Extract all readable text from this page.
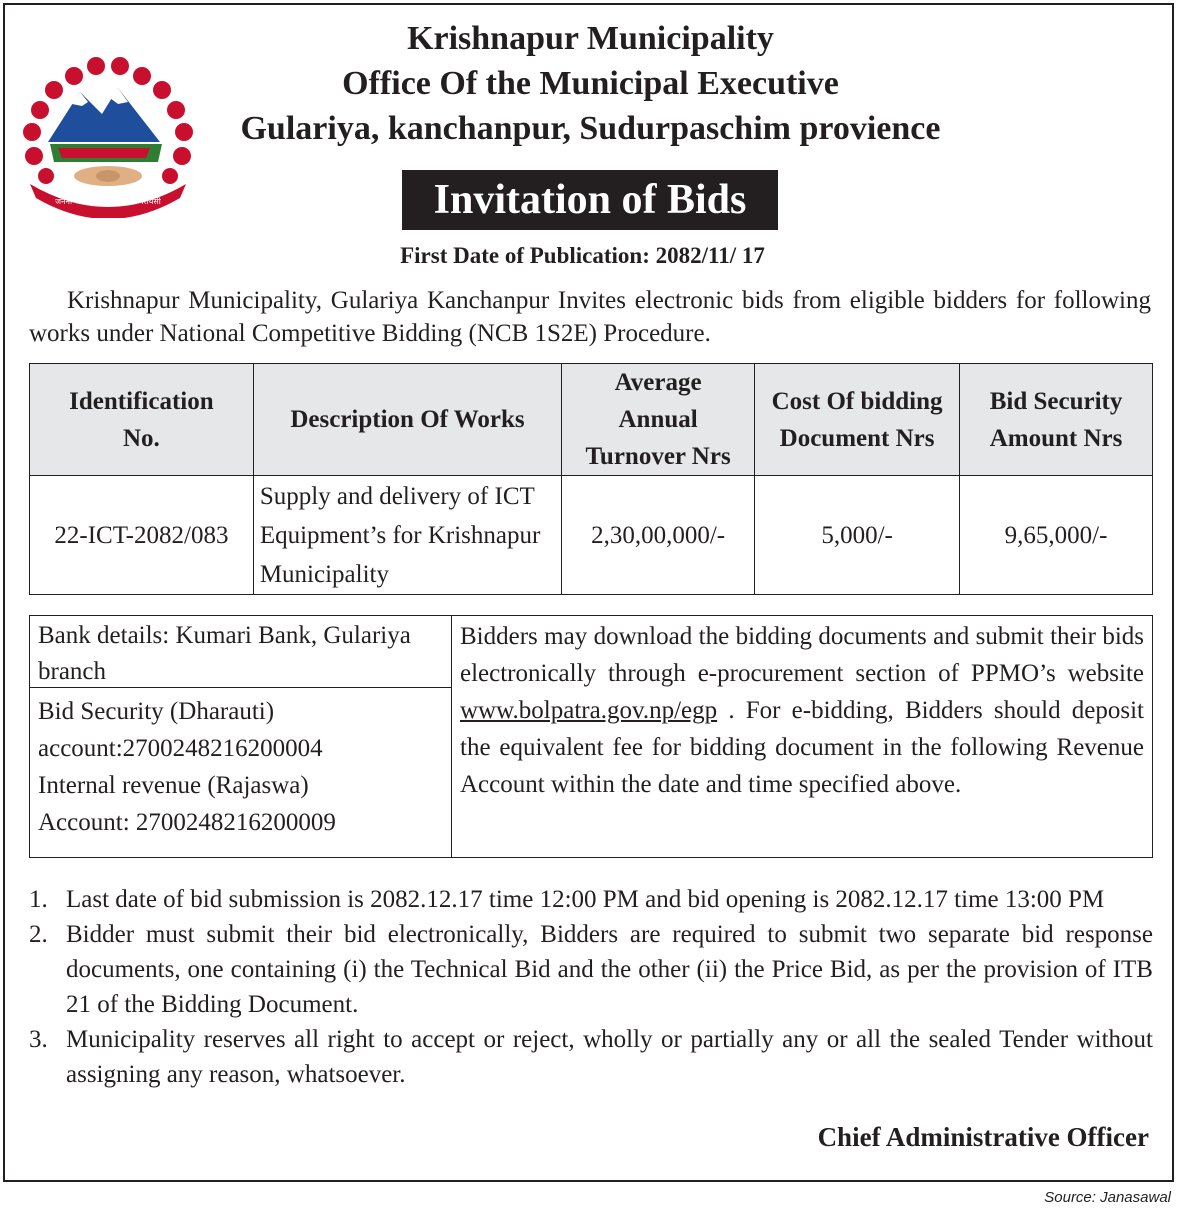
जननी जन्मभूमिश्च स्वर्गादपि गरीयसी
Krishnapur Municipality
Office Of the Municipal Executive
Gulariya, kanchanpur, Sudurpaschim provience
Invitation of Bids
First Date of Publication: 2082/11/ 17

Krishnapur Municipality, Gulariya Kanchanpur Invites electronic bids from eligible bidders for following works under National Competitive Bidding (NCB 1S2E) Procedure.

Identification No.	Description Of Works	Average Annual Turnover Nrs	Cost Of bidding Document Nrs	Bid Security Amount Nrs
22-ICT-2082/083	Supply and delivery of ICT Equipment’s for Krishnapur Municipality	2,30,00,000/-	5,000/-	9,65,000/-
Bank details: Kumari Bank, Gulariya branch
Bid Security (Dharauti)
account:2700248216200004
Internal revenue (Rajaswa)
Account: 2700248216200009
Bidders may download the bidding documents and submit their bids electronically through e-procurement section of PPMO’s website www.bolpatra.gov.np/egp . For e-bidding, Bidders should deposit the equivalent fee for bidding document in the following Revenue Account within the date and time specified above.
1. Last date of bid submission is 2082.12.17 time 12:00 PM and bid opening is 2082.12.17 time 13:00 PM
2. Bidder must submit their bid electronically, Bidders are required to submit two separate bid response documents, one containing (i) the Technical Bid and the other (ii) the Price Bid, as per the provision of ITB 21 of the Bidding Document.
3. Municipality reserves all right to accept or reject, wholly or partially any or all the sealed Tender without assigning any reason, whatsoever.
Chief Administrative Officer
Source: Janasawal
